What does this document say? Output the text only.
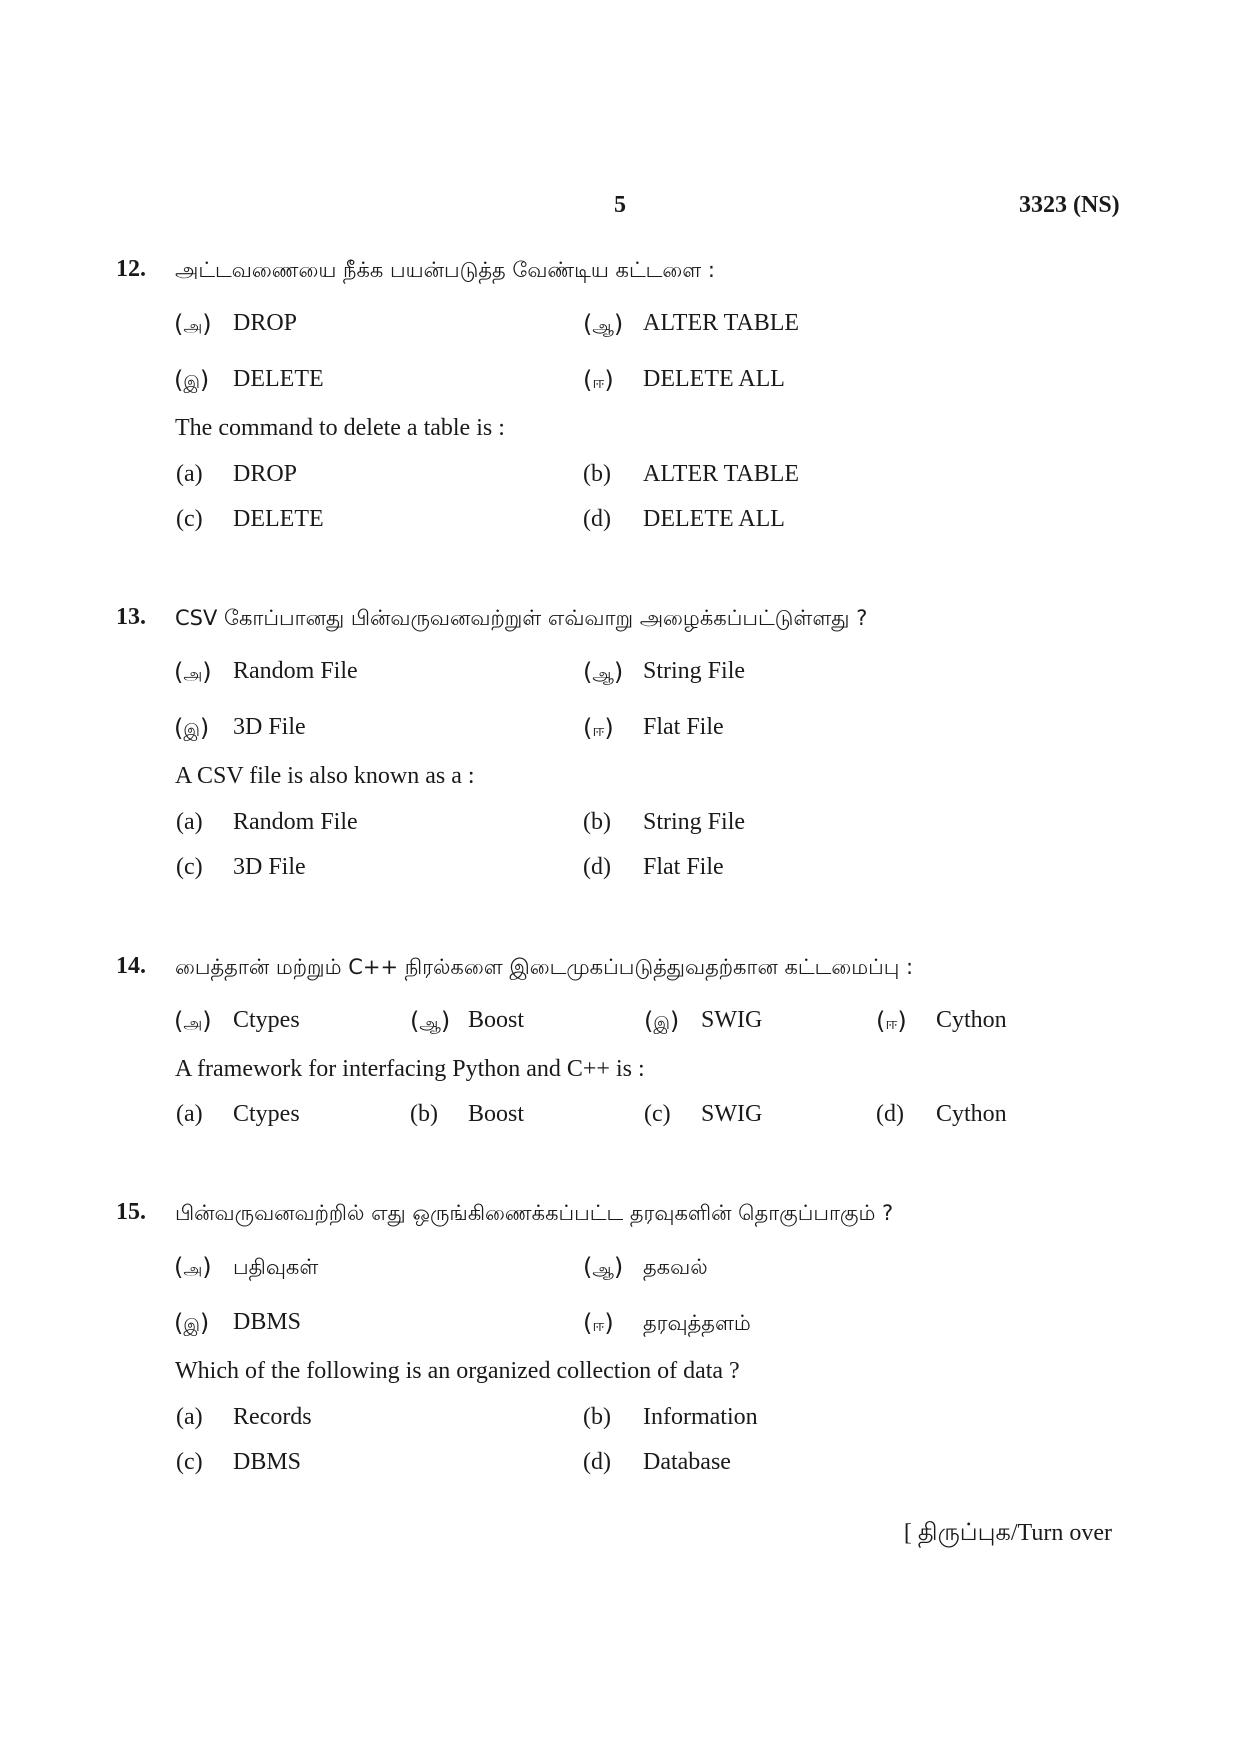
5	3323 (NS)
12. அட்டவணையை நீக்க பயன்படுத்த வேண்டிய கட்டளை :
(அ) DROP	(ஆ) ALTER TABLE
(இ) DELETE	(ஈ) DELETE ALL
The command to delete a table is :
(a) DROP	(b) ALTER TABLE
(c) DELETE	(d) DELETE ALL
13. CSV கோப்பானது பின்வருவனவற்றுள் எவ்வாறு அழைக்கப்பட்டுள்ளது ?
(அ) Random File	(ஆ) String File
(இ) 3D File	(ஈ) Flat File
A CSV file is also known as a :
(a) Random File	(b) String File
(c) 3D File	(d) Flat File
14. பைத்தான் மற்றும் C++ நிரல்களை இடைமுகப்படுத்துவதற்கான கட்டமைப்பு :
(அ) Ctypes	(ஆ) Boost	(இ) SWIG	(ஈ) Cython
A framework for interfacing Python and C++ is :
(a) Ctypes	(b) Boost	(c) SWIG	(d) Cython
15. பின்வருவனவற்றில் எது ஒருங்கிணைக்கப்பட்ட தரவுகளின் தொகுப்பாகும் ?
(அ) பதிவுகள்	(ஆ) தகவல்
(இ) DBMS	(ஈ) தரவுத்தளம்
Which of the following is an organized collection of data ?
(a) Records	(b) Information
(c) DBMS	(d) Database
[ திருப்புக/Turn over
